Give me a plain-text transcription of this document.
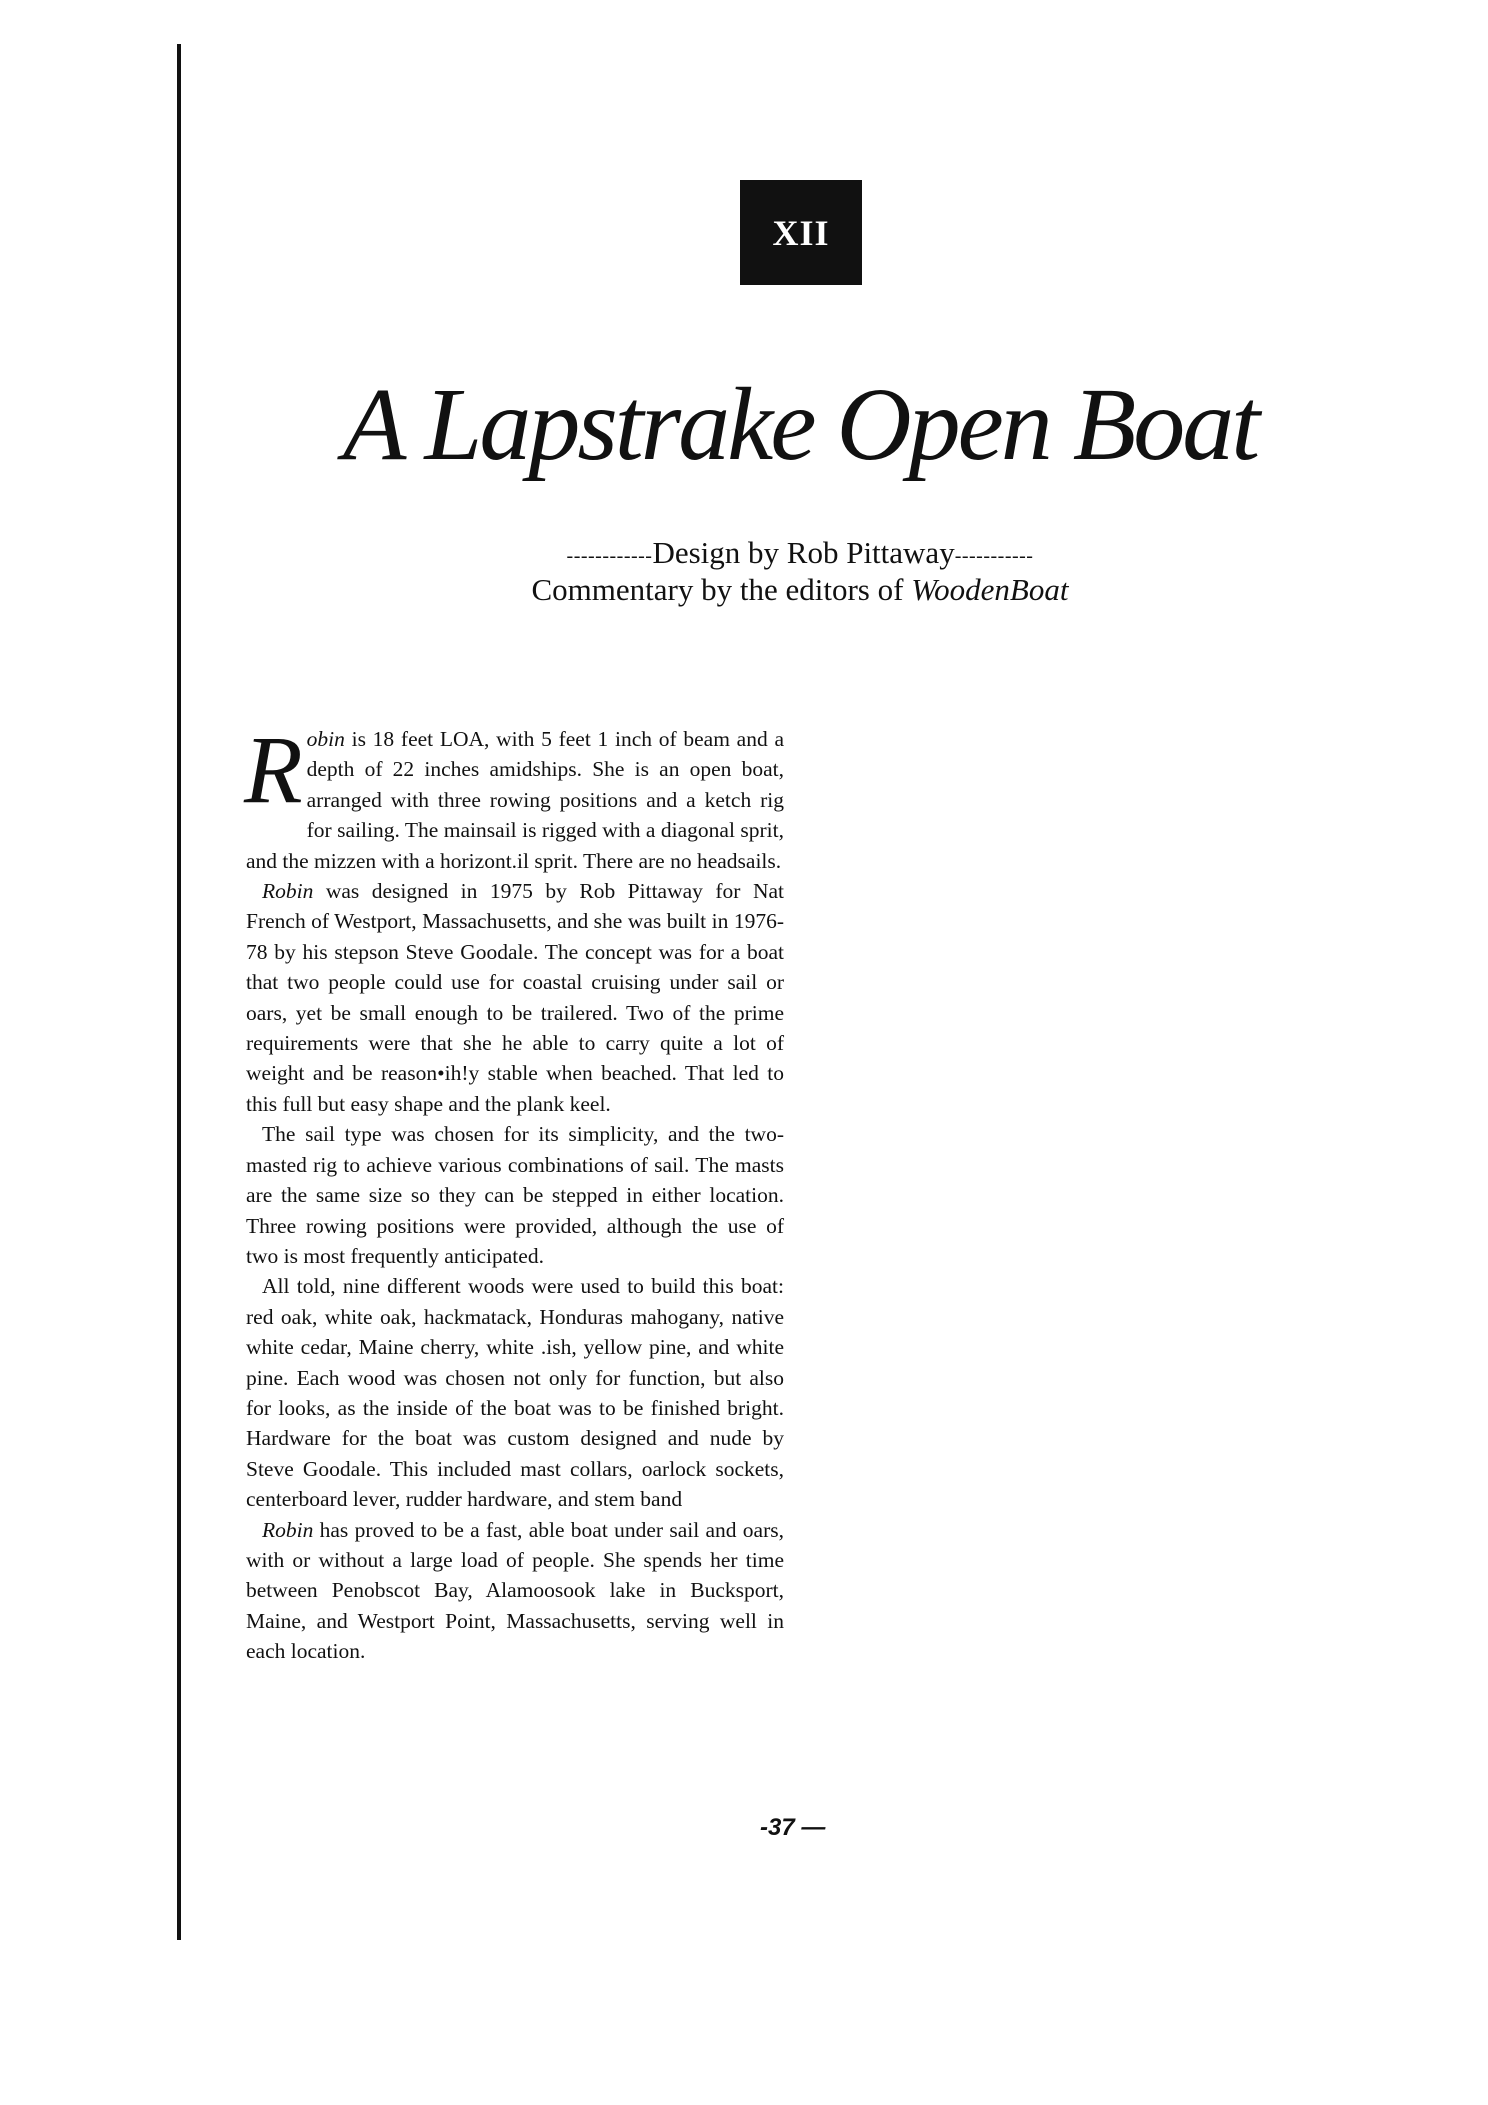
XII
A Lapstrake Open Boat
------------Design by Rob Pittaway-----------
Commentary by the editors of WoodenBoat

Robin is 18 feet LOA, with 5 feet 1 inch of beam and a depth of 22 inches amidships. She is an open boat, arranged with three rowing positions and a ketch rig for sailing. The mainsail is rigged with a diagonal sprit, and the mizzen with a horizont.il sprit. There are no headsails.

Robin was designed in 1975 by Rob Pittaway for Nat French of Westport, Massachusetts, and she was built in 1976-78 by his stepson Steve Goodale. The concept was for a boat that two people could use for coastal cruising under sail or oars, yet be small enough to be trailered. Two of the prime requirements were that she he able to carry quite a lot of weight and be reason•ih!y stable when beached. That led to this full but easy shape and the plank keel.

The sail type was chosen for its simplicity, and the two-masted rig to achieve various combinations of sail. The masts are the same size so they can be stepped in either location. Three rowing positions were provided, although the use of two is most frequently anticipated.

All told, nine different woods were used to build this boat: red oak, white oak, hackmatack, Honduras mahogany, native white cedar, Maine cherry, white .ish, yellow pine, and white pine. Each wood was chosen not only for function, but also for looks, as the inside of the boat was to be finished bright. Hardware for the boat was custom designed and nude by Steve Goodale. This included mast collars, oarlock sockets, centerboard lever, rudder hardware, and stem band

Robin has proved to be a fast, able boat under sail and oars, with or without a large load of people. She spends her time between Penobscot Bay, Alamoosook lake in Bucksport, Maine, and Westport Point, Massachusetts, serving well in each location.

-37 —
